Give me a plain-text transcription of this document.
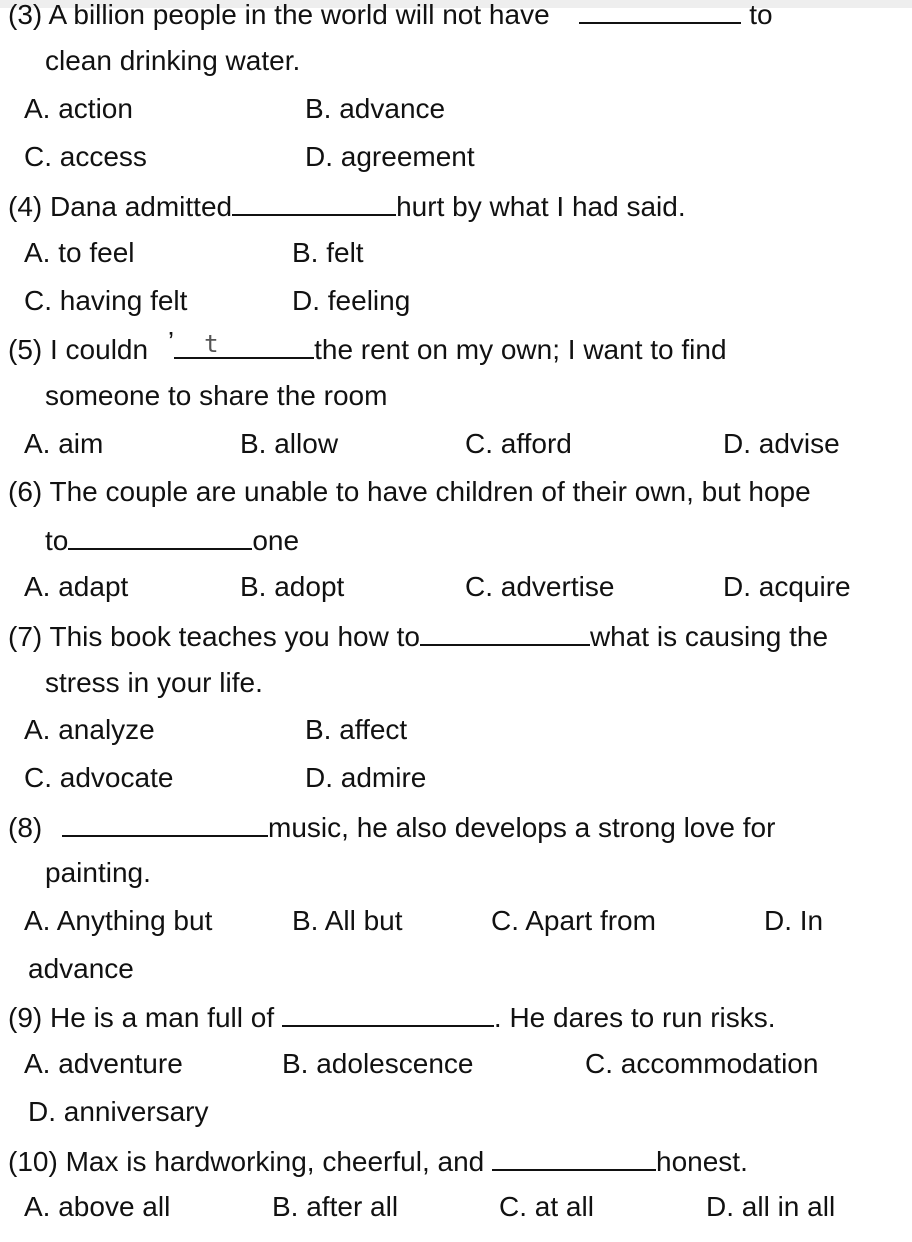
(3) A billion people in the world will not have	to
clean drinking water.
A. action	B. advance
C. access	D. agreement
(4) Dana admitted	hurt by what I had said.
A. to feel	B. felt
C. having felt	D. feeling
(5) I couldn ’ t	the rent on my own; I want to find
someone to share the room
A. aim	B. allow	C. afford	D. advise
(6) The couple are unable to have children of their own, but hope
to	one
A. adapt	B. adopt	C. advertise	D. acquire
(7) This book teaches you how to	what is causing the
stress in your life.
A. analyze	B. affect
C. advocate	D. admire
(8)	music, he also develops a strong love for
painting.
A. Anything but	B. All but	C. Apart from	D. In
advance
(9) He is a man full of	. He dares to run risks.
A. adventure	B. adolescence	C. accommodation
D. anniversary
(10) Max is hardworking, cheerful, and	honest.
A. above all	B. after all	C. at all	D. all in all
